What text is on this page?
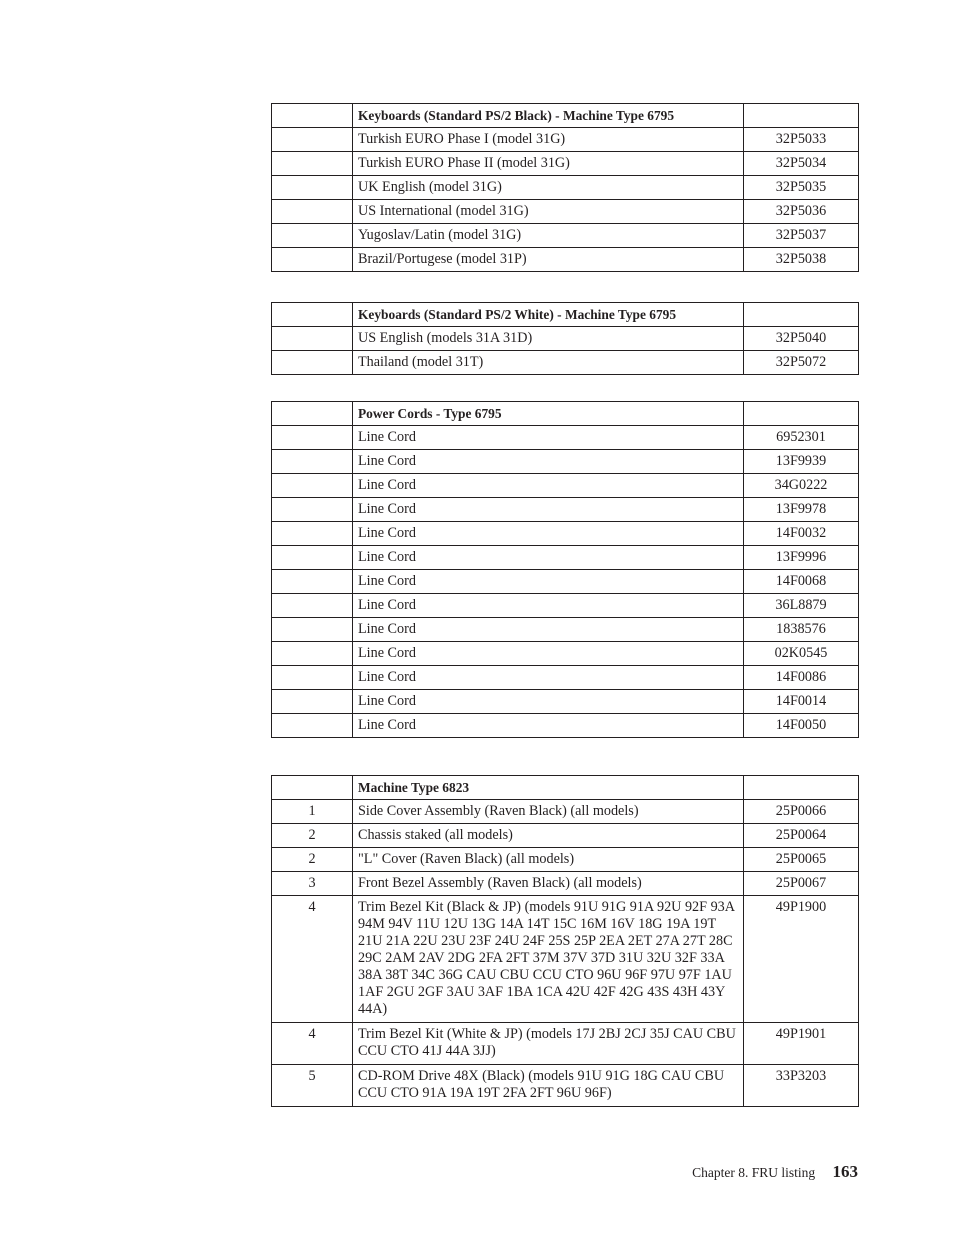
	Keyboards (Standard PS/2 Black) - Machine Type 6795	
	Turkish EURO Phase I (model 31G)	32P5033
	Turkish EURO Phase II (model 31G)	32P5034
	UK English (model 31G)	32P5035
	US International (model 31G)	32P5036
	Yugoslav/Latin (model 31G)	32P5037
	Brazil/Portugese (model 31P)	32P5038
	Keyboards (Standard PS/2 White) - Machine Type 6795	
	US English (models 31A 31D)	32P5040
	Thailand (model 31T)	32P5072
	Power Cords - Type 6795	
	Line Cord	6952301
	Line Cord	13F9939
	Line Cord	34G0222
	Line Cord	13F9978
	Line Cord	14F0032
	Line Cord	13F9996
	Line Cord	14F0068
	Line Cord	36L8879
	Line Cord	1838576
	Line Cord	02K0545
	Line Cord	14F0086
	Line Cord	14F0014
	Line Cord	14F0050
	Machine Type 6823	
1	Side Cover Assembly (Raven Black) (all models)	25P0066
2	Chassis staked (all models)	25P0064
2	"L" Cover (Raven Black) (all models)	25P0065
3	Front Bezel Assembly (Raven Black) (all models)	25P0067
4	Trim Bezel Kit (Black & JP) (models 91U 91G 91A 92U 92F 93A 94M 94V 11U 12U 13G 14A 14T 15C 16M 16V 18G 19A 19T 21U 21A 22U 23U 23F 24U 24F 25S 25P 2EA 2ET 27A 27T 28C 29C 2AM 2AV 2DG 2FA 2FT 37M 37V 37D 31U 32U 32F 33A 38A 38T 34C 36G CAU CBU CCU CTO 96U 96F 97U 97F 1AU 1AF 2GU 2GF 3AU 3AF 1BA 1CA 42U 42F 42G 43S 43H 43Y 44A)	49P1900
4	Trim Bezel Kit (White & JP) (models 17J 2BJ 2CJ 35J CAU CBU CCU CTO 41J 44A 3JJ)	49P1901
5	CD-ROM Drive 48X (Black) (models 91U 91G 18G CAU CBU CCU CTO 91A 19A 19T 2FA 2FT 96U 96F)	33P3203
Chapter 8. FRU listing 163
